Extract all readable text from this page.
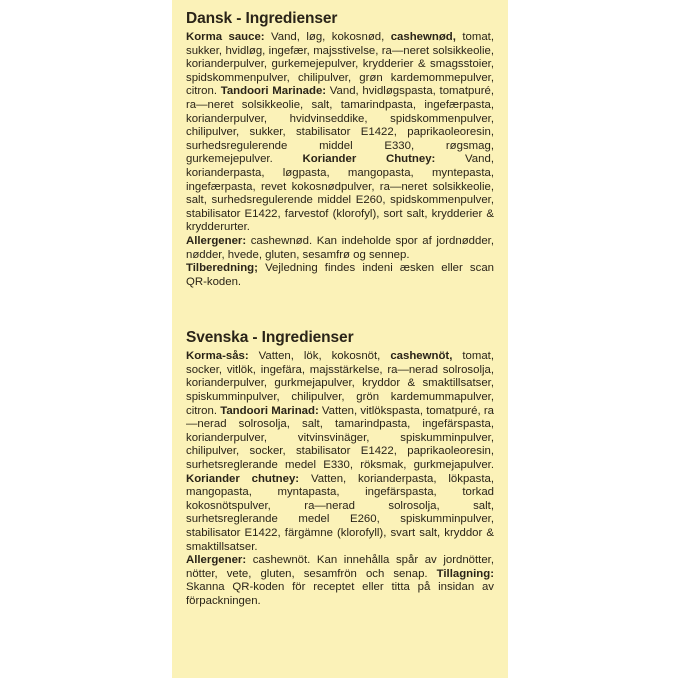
Dansk - Ingredienser

Korma sauce: Vand, løg, kokosnød, cashewnød, tomat, sukker, hvidløg, ingefær, majsstivelse, ra—neret solsikkeolie, korianderpulver, gurkemejepulver, krydderier & smagsstoier, spidskommenpulver, chilipulver, grøn kardemommepulver, citron. Tandoori Marinade: Vand, hvidløgspasta, tomatpuré, ra—neret solsikkeolie, salt, tamarindpasta, ingefærpasta, korianderpulver, hvidvinseddike, spidskommenpulver, chilipulver, sukker, stabilisator E1422, paprikaoleoresin, surhedsregulerende middel E330, røgsmag, gurkemejepulver. Koriander Chutney: Vand, korianderpasta, løgpasta, mangopasta, myntepasta, ingefærpasta, revet kokosnødpulver, ra—neret solsikkeolie, salt, surhedsregulerende middel E260, spidskommenpulver, stabilisator E1422, farvestof (klorofyl), sort salt, krydderier & krydderurter.

Allergener: cashewnød. Kan indeholde spor af jordnødder, nødder, hvede, gluten, sesamfrø og sennep.

Tilberedning; Vejledning findes indeni æsken eller scan QR-koden.

Svenska - Ingredienser

Korma-sås: Vatten, lök, kokosnöt, cashewnöt, tomat, socker, vitlök, ingefära, majsstärkelse, ra—nerad solrosolja, korianderpulver, gurkmejapulver, kryddor & smaktillsatser, spiskumminpulver, chilipulver, grön kardemummapulver, citron. Tandoori Marinad: Vatten, vitlökspasta, tomatpuré, ra—nerad solrosolja, salt, tamarindpasta, ingefärspasta, korianderpulver, vitvinsvinäger, spiskumminpulver, chilipulver, socker, stabilisator E1422, paprikaoleoresin, surhetsreglerande medel E330, röksmak, gurkmejapulver. Koriander chutney: Vatten, korianderpasta, lökpasta, mangopasta, myntapasta, ingefärspasta, torkad kokosnötspulver, ra—nerad solrosolja, salt, surhetsreglerande medel E260, spiskumminpulver, stabilisator E1422, färgämne (klorofyll), svart salt, kryddor & smaktillsatser.

Allergener: cashewnöt. Kan innehålla spår av jordnötter, nötter, vete, gluten, sesamfrön och senap. Tillagning: Skanna QR-koden för receptet eller titta på insidan av förpackningen.
